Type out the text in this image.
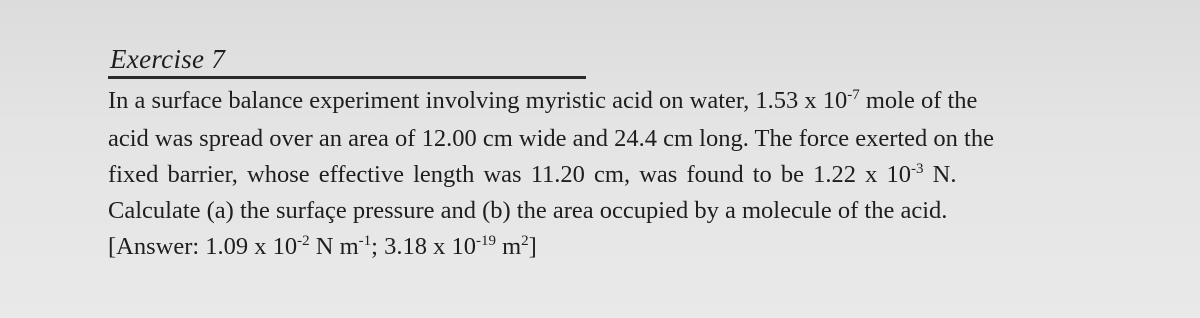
Exercise 7
In a surface balance experiment involving myristic acid on water, 1.53 x $10^{-7}$ mole of the
acid was spread over an area of 12.00 cm wide and 24.4 cm long. The force exerted on the
fixed barrier, whose effective length was 11.20 cm, was found to be 1.22 x $10^{-3}$ N.
Calculate (a) the surfaçe pressure and (b) the area occupied by a molecule of the acid.
[Answer: 1.09 x $10^{-2}$ N $m^{-1}$; 3.18 x $10^{-19}$ $m^2$]
